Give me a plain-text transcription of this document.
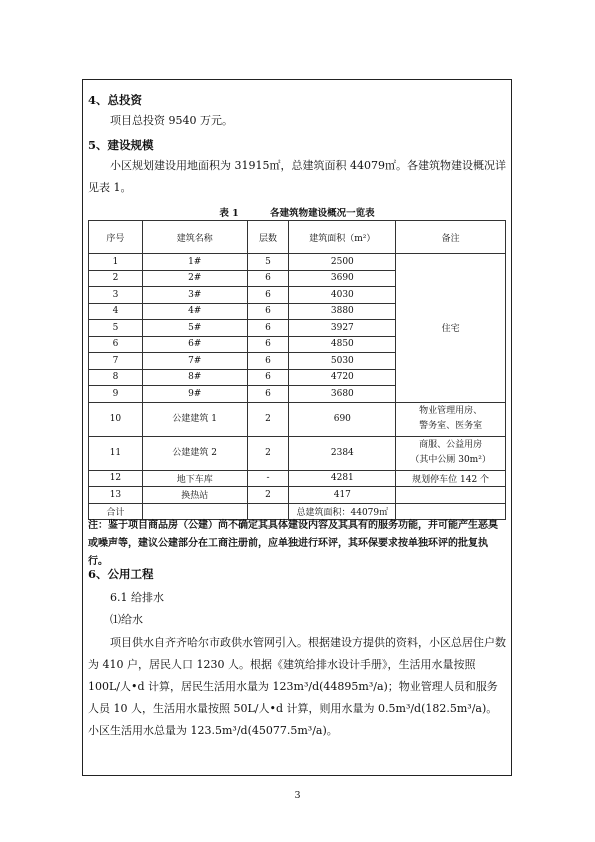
4、总投资
项目总投资 9540 万元。
5、建设规模
小区规划建设用地面积为 31915㎡，总建筑面积 44079㎡。各建筑物建设概况详见表 1。
表 1	各建筑物建设概况一览表
序号	建筑名称	层数	建筑面积（m²）	备注
1	1#	5	2500	住宅
2	2#	6	3690	
3	3#	6	4030	
4	4#	6	3880	
5	5#	6	3927	
6	6#	6	4850	
7	7#	6	5030	
8	8#	6	4720	
9	9#	6	3680	
10	公建建筑 1	2	690	物业管理用房、
警务室、医务室

11	公建建筑 2	2	2384	商服、公益用房
（其中公厕 30m²）

12	地下车库	-	4281	规划停车位 142 个
13	换热站	2	417	
合计			总建筑面积：44079㎡	
注：鉴于项目商品房（公建）尚不确定其具体建设内容及其具有的服务功能，并可能产生恶臭或噪声等，建议公建部分在工商注册前，应单独进行环评，其环保要求按单独环评的批复执行。
6、公用工程
6.1 给排水
⑴给水
项目供水自齐齐哈尔市政供水管网引入。根据建设方提供的资料，小区总居住户数为 410 户，居民人口 1230 人。根据《建筑给排水设计手册》，生活用水量按照 100L/人•d 计算，居民生活用水量为 123m³/d(44895m³/a)；物业管理人员和服务人员 10 人，生活用水量按照 50L/人•d 计算，则用水量为 0.5m³/d(182.5m³/a)。小区生活用水总量为 123.5m³/d(45077.5m³/a)。
3
